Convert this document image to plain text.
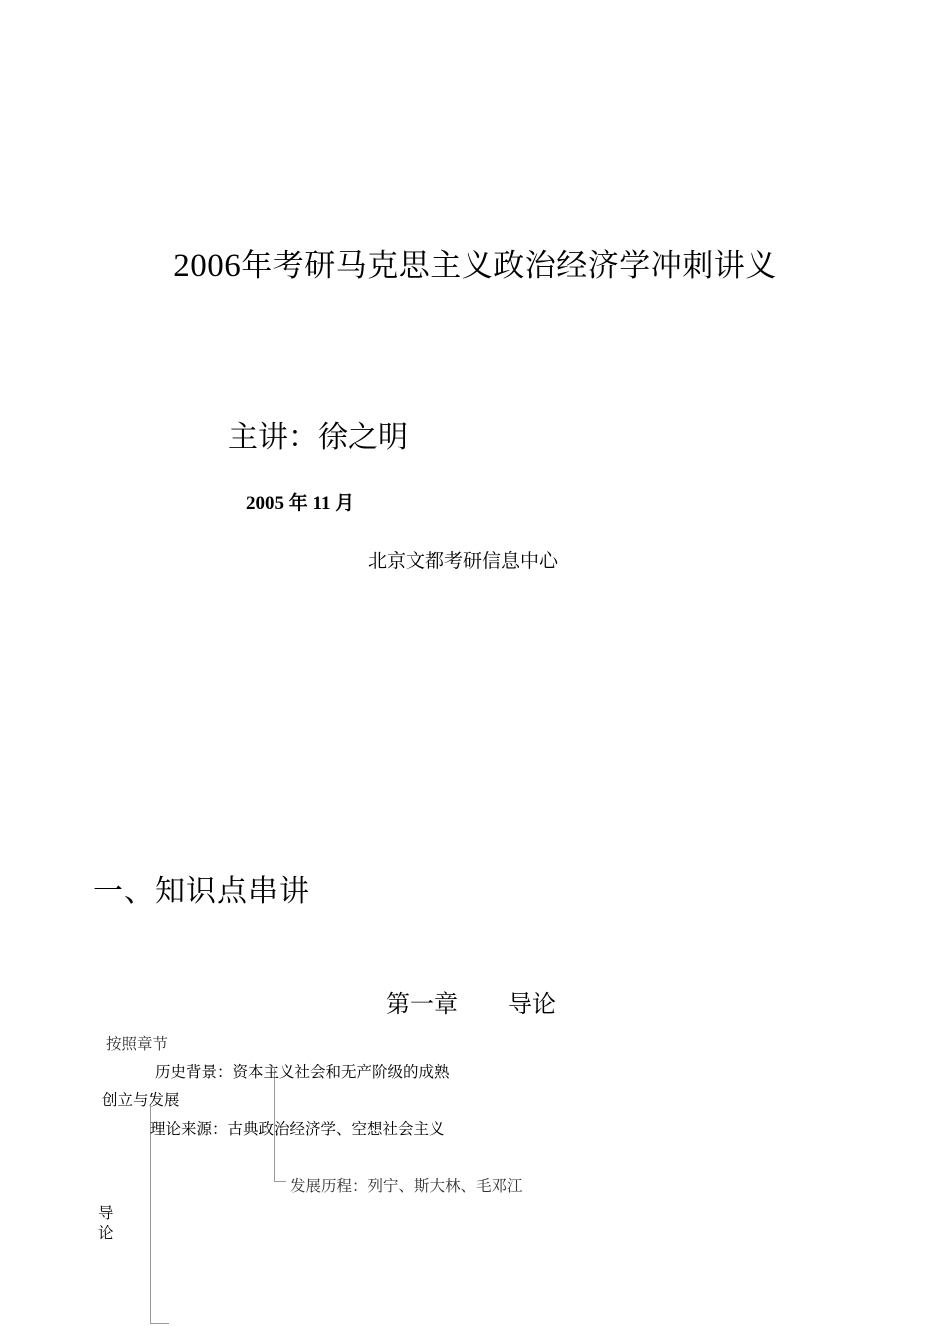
2006年考研马克思主义政治经济学冲刺讲义
主讲：徐之明
2005 年 11 月
北京文都考研信息中心
一、知识点串讲
第一章 导论
按照章节
历史背景：资本主义社会和无产阶级的成熟
创立与发展
理论来源：古典政治经济学、空想社会主义
发展历程：列宁、斯大林、毛邓江
导论
